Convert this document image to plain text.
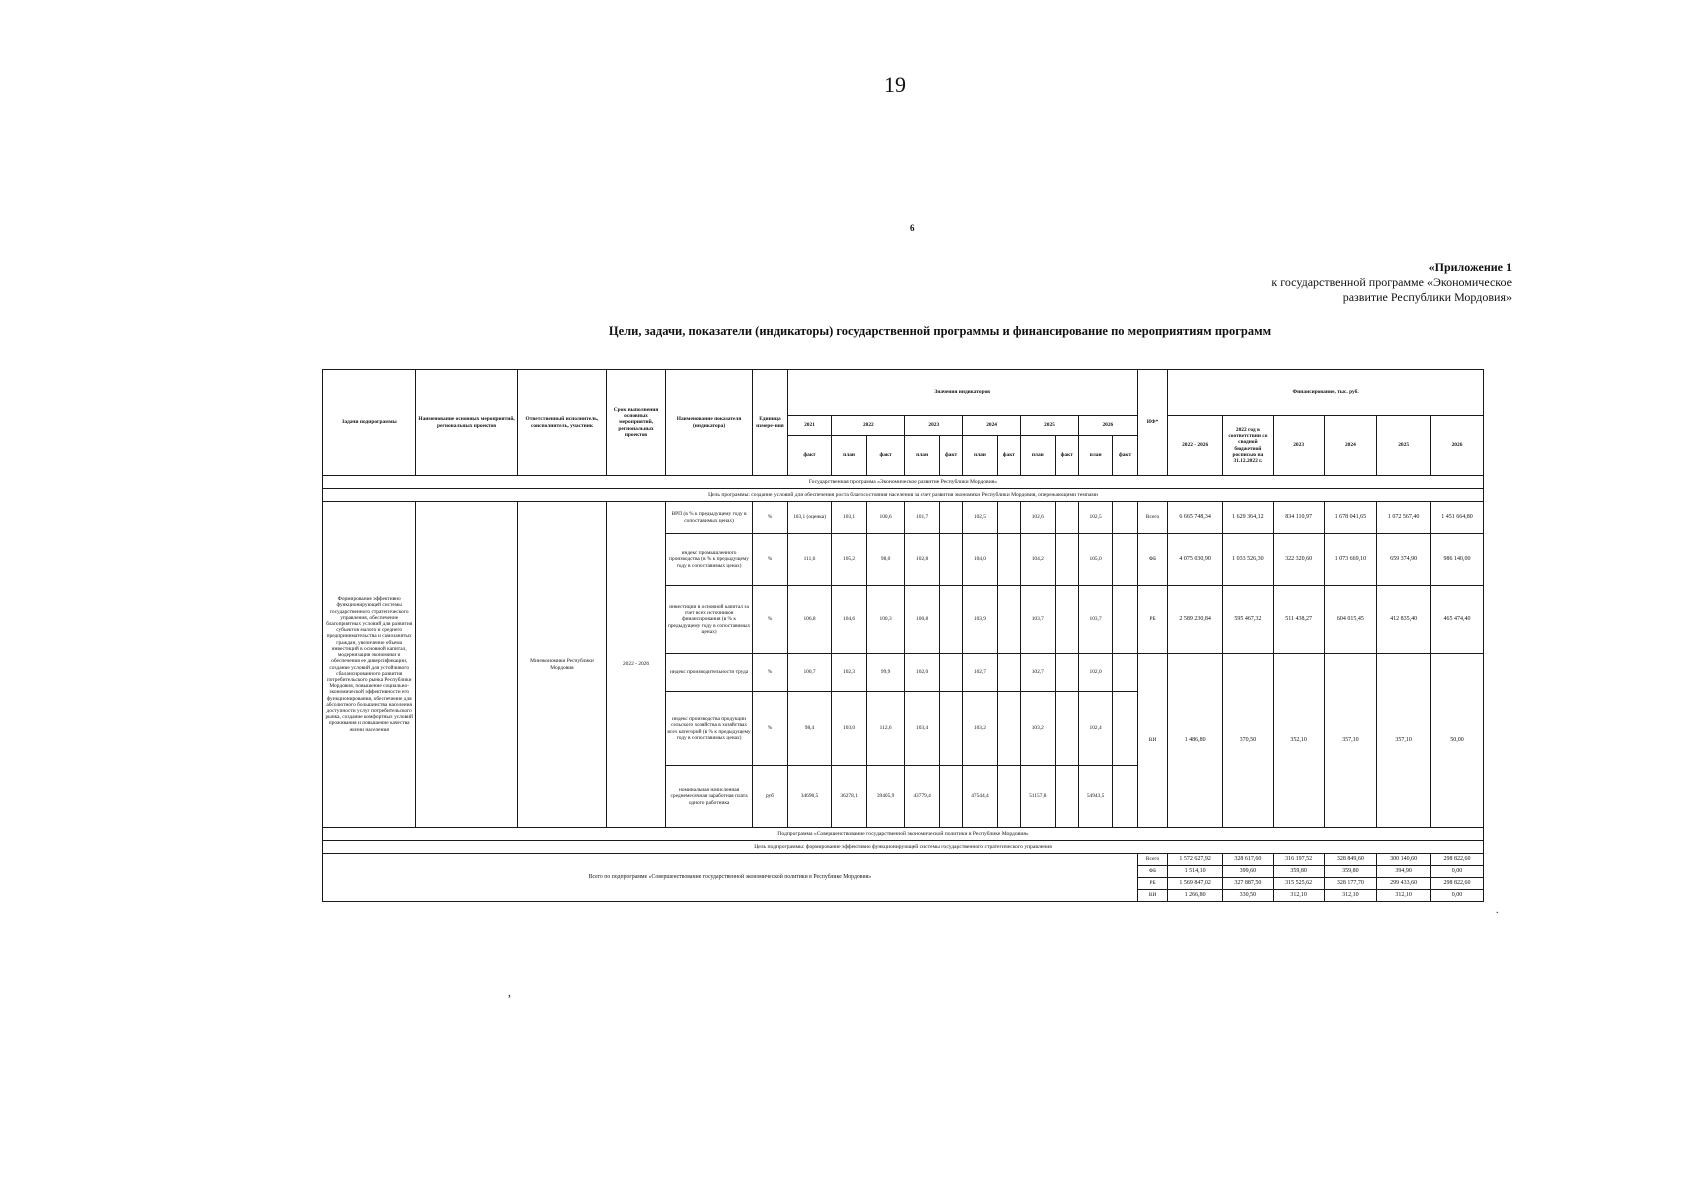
19
6
«Приложение 1
к государственной программе «Экономическое
развитие Республики Мордовия»
Цели, задачи, показатели (индикаторы) государственной программы и финансирование по мероприятиям программ
Задачи подпрограммы	Наименование основных мероприятий, региональных проектов	Ответственный исполнитель, соисполнитель, участник	Срок выполнения основных мероприятий, региональных проектов	Наименование показателя (индикатора)	Единица измере-ния	Значения индикаторов											ИФ*	Финансирование, тыс. руб.					
						2021	2022		2023		2024		2025		2026			2022 - 2026	2022 год в соответствии со сводной бюджетной росписью на 31.12.2022 г.	2023	2024	2025	2026
						факт	план	факт	план	факт	план	факт	план	факт	план	факт							
Государственная программа «Экономическое развитие Республики Мордовия»																							
Цель программы: создание условий для обеспечения роста благосостояния населения за счет развития экономики Республики Мордовия, опережающими темпами																							
Формирование эффективно функционирующей системы государственного стратегического управления, обеспечение благоприятных условий для развития субъектов малого и среднего предпринимательства и самозанятых граждан, увеличение объема инвестиций в основной капитал, модернизация экономики и обеспечения ее диверсификации, создание условий для устойчивого сбалансированного развития потребительского рынка Республики Мордовия, повышение социально-экономической эффективности его функционирования, обеспечение для абсолютного большинства населения доступности услуг потребительского рынка, создание комфортных условий проживания и повышение качества жизни населения		Минэкономики Республики Мордовия	2022 - 2026	ВРП (в % к предыдущему году в сопоставимых ценах)	%	103,1 (оценка)	103,1	100,6	101,7		102,5		102,6		102,5		Всего	6 665 748,34	1 629 364,12	834 110,97	1 678 041,65	1 072 567,40	1 451 664,80
				индекс промышленного производства (в % к предыдущему году в сопоставимых ценах)	%	111,6	105,2	98,0	102,8		104,0		104,2		105,0		ФБ	4 075 030,90	1 033 526,30	322 320,60	1 073 669,10	659 374,90	986 140,00
				инвестиции в основной капитал за счет всех источников финансирования (в % к предыдущему году в сопоставимых ценах)	%	106,8	104,6	100,3	100,8		103,9		103,7		103,7		РБ	2 589 230,84	595 467,32	511 438,27	604 015,45	412 835,40	465 474,40
				индекс производительности труда	%	100,7	102,3	99,9	102,0		102,7		102,7		102,0		ВИ	1 486,80	370,50	352,10	357,10	357,10	50,00
				индекс производства продукции сельского хозяйства в хозяйствах всех категорий (в % к предыдущему году в сопоставимых ценах)	%	98,4	103,0	112,6	103,4		103,2		103,2		102,4								
				номинальная начисленная среднемесячная заработная плата одного работника	руб	34698,5	36278,1	39405,9	43779,4		47544,4		51157,8		54943,5								
Подпрограмма «Совершенствование государственной экономической политики в Республике Мордовия»																							
Цель подпрограммы: формирование эффективно функционирующей системы государственного стратегического управления																							
Всего по подпрограмме «Совершенствование государственной экономической политики в Республике Мордовия»																	Всего	1 572 627,92	328 617,60	316 197,52	328 849,60	300 140,60	298 822,60
																	ФБ	1 514,10	399,60	359,80	359,80	394,90	0,00
																	РБ	1 569 847,02	327 887,50	315 525,62	328 177,70	299 433,60	298 822,60
																	ВИ	1 266,80	330,50	312,10	312,10	312,10	0,00
.
,
